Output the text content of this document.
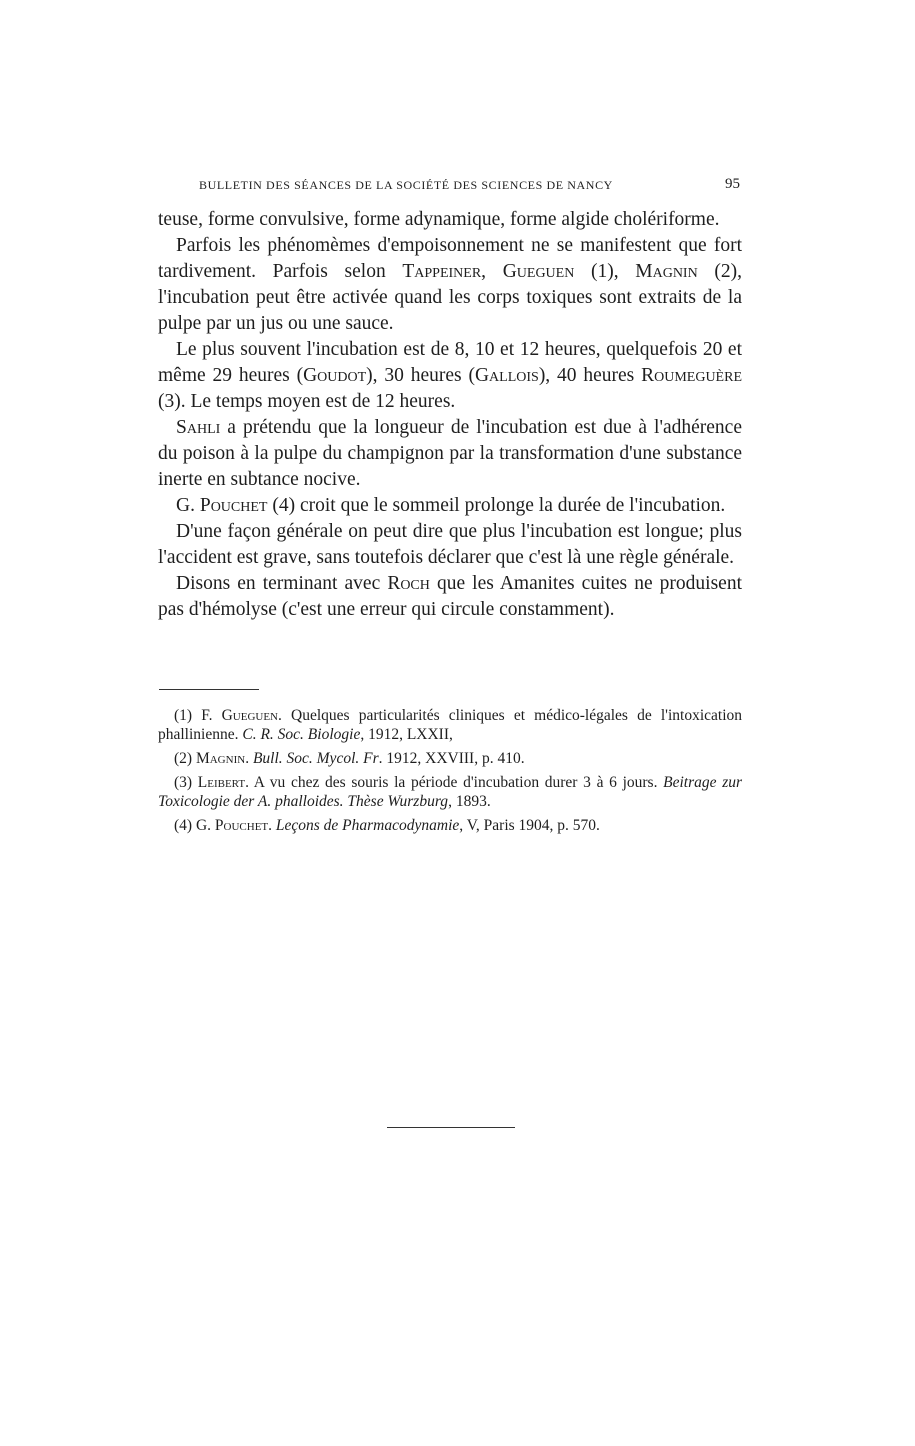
BULLETIN DES SÉANCES DE LA SOCIÉTÉ DES SCIENCES DE NANCY	95

teuse, forme convulsive, forme adynamique, forme algide cholériforme.

Parfois les phénomèmes d'empoisonnement ne se manifestent que fort tardivement. Parfois selon Tappeiner, Gueguen (1), Magnin (2), l'incubation peut être activée quand les corps toxiques sont extraits de la pulpe par un jus ou une sauce.

Le plus souvent l'incubation est de 8, 10 et 12 heures, quelquefois 20 et même 29 heures (Goudot), 30 heures (Gallois), 40 heures Roumeguère (3). Le temps moyen est de 12 heures.

Sahli a prétendu que la longueur de l'incubation est due à l'adhérence du poison à la pulpe du champignon par la transformation d'une substance inerte en subtance nocive.

G. Pouchet (4) croit que le sommeil prolonge la durée de l'incubation.

D'une façon générale on peut dire que plus l'incubation est longue; plus l'accident est grave, sans toutefois déclarer que c'est là une règle générale.

Disons en terminant avec Roch que les Amanites cuites ne produisent pas d'hémolyse (c'est une erreur qui circule constamment).

(1) F. Gueguen. Quelques particularités cliniques et médico-légales de l'intoxication phallinienne. C. R. Soc. Biologie, 1912, LXXII,

(2) Magnin. Bull. Soc. Mycol. Fr. 1912, XXVIII, p. 410.

(3) Leibert. A vu chez des souris la période d'incubation durer 3 à 6 jours. Beitrage zur Toxicologie der A. phalloides. Thèse Wurzburg, 1893.

(4) G. Pouchet. Leçons de Pharmacodynamie, V, Paris 1904, p. 570.
